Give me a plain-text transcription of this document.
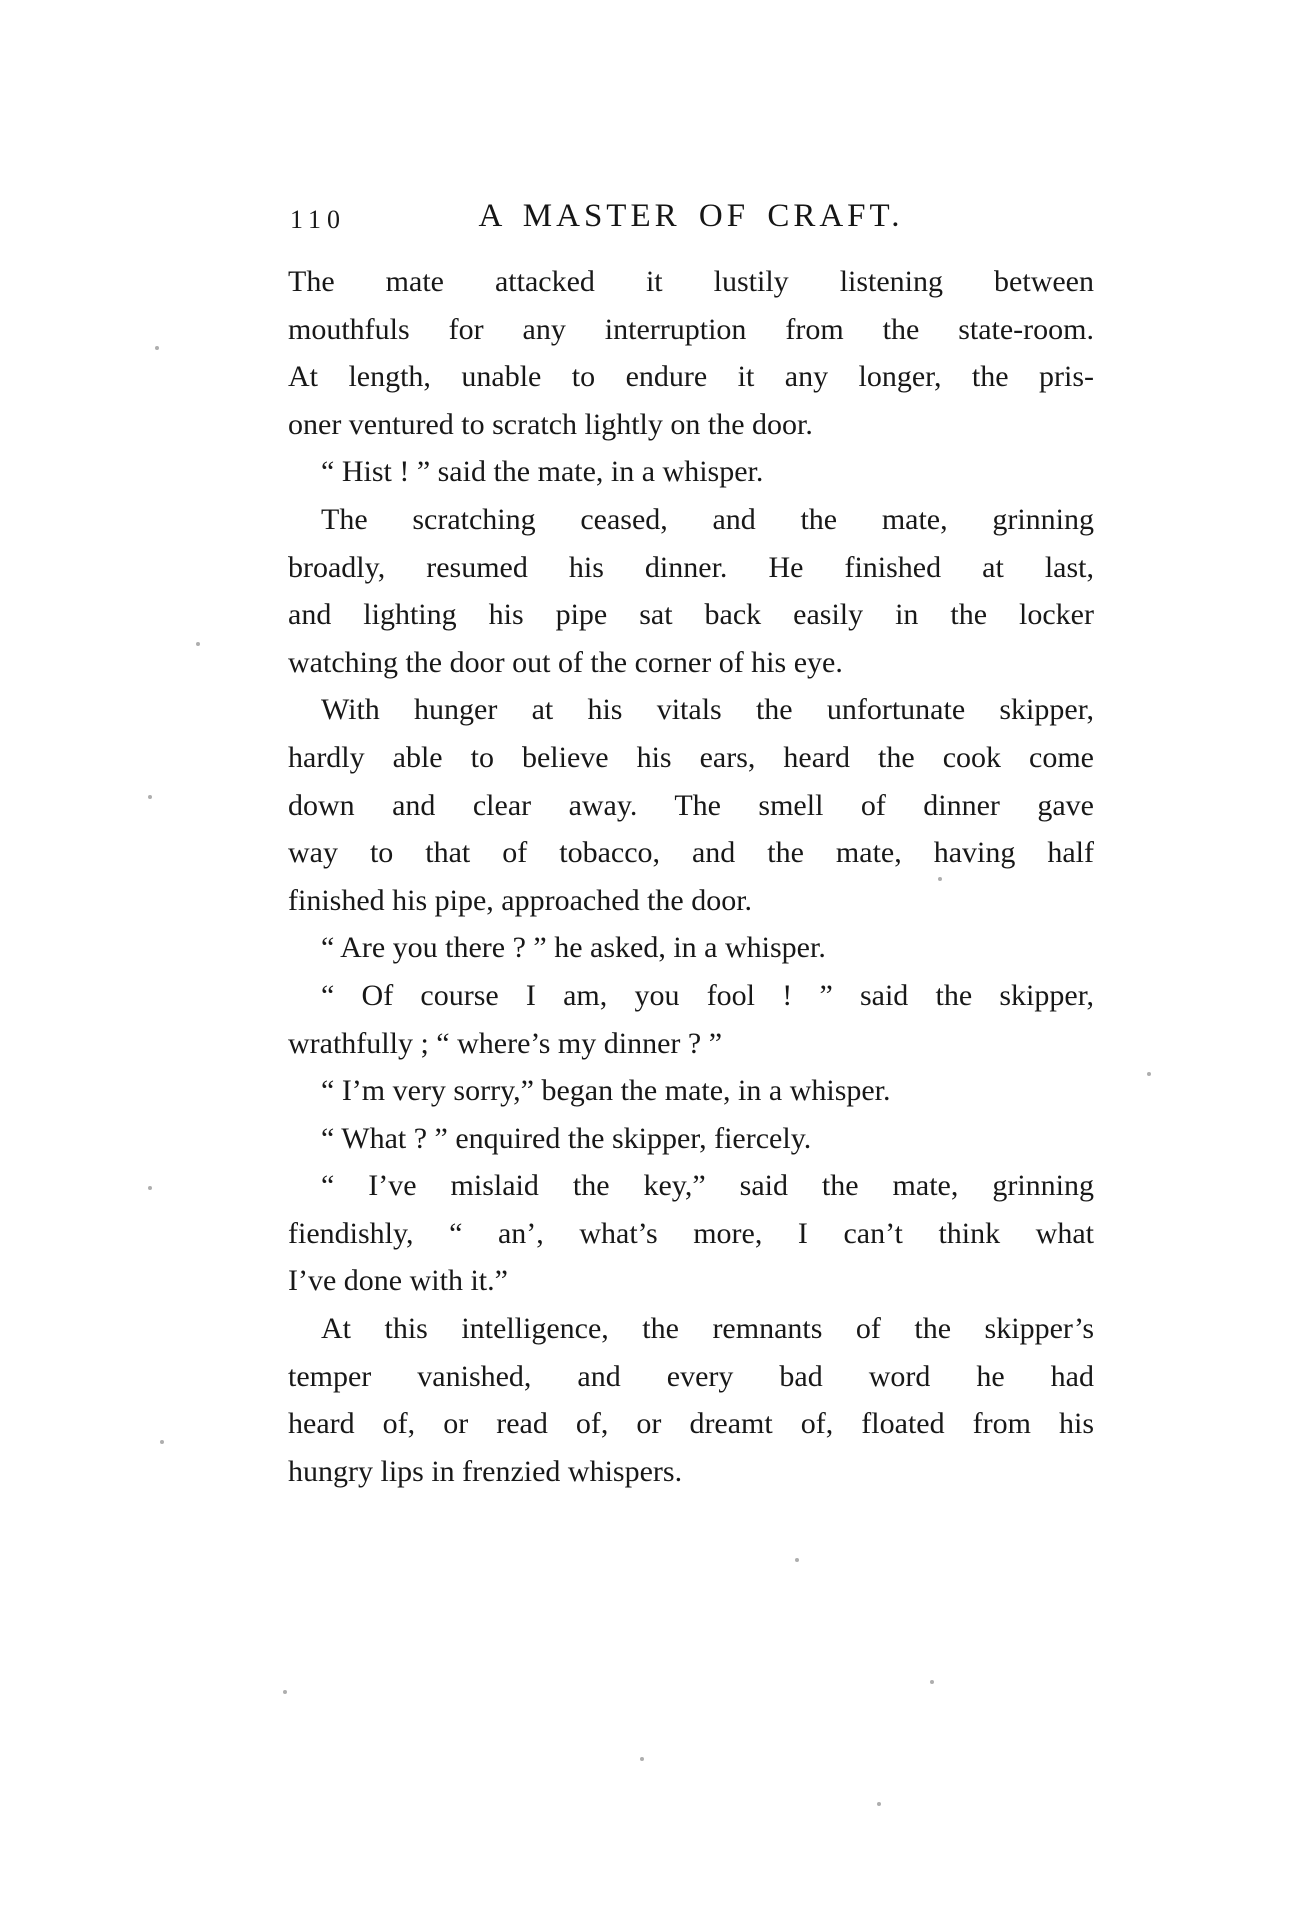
110	A MASTER OF CRAFT.
The mate attacked it lustily listening between
mouthfuls for any interruption from the state-room.
At length, unable to endure it any longer, the pris-
oner ventured to scratch lightly on the door.
“ Hist ! ” said the mate, in a whisper.
The scratching ceased, and the mate, grinning
broadly, resumed his dinner. He finished at last,
and lighting his pipe sat back easily in the locker
watching the door out of the corner of his eye.
With hunger at his vitals the unfortunate skipper,
hardly able to believe his ears, heard the cook come
down and clear away. The smell of dinner gave
way to that of tobacco, and the mate, having half
finished his pipe, approached the door.
“ Are you there ? ” he asked, in a whisper.
“ Of course I am, you fool ! ” said the skipper,
wrathfully ; “ where’s my dinner ? ”
“ I’m very sorry,” began the mate, in a whisper.
“ What ? ” enquired the skipper, fiercely.
“ I’ve mislaid the key,” said the mate, grinning
fiendishly, “ an’, what’s more, I can’t think what
I’ve done with it.”
At this intelligence, the remnants of the skipper’s
temper vanished, and every bad word he had
heard of, or read of, or dreamt of, floated from his
hungry lips in frenzied whispers.
